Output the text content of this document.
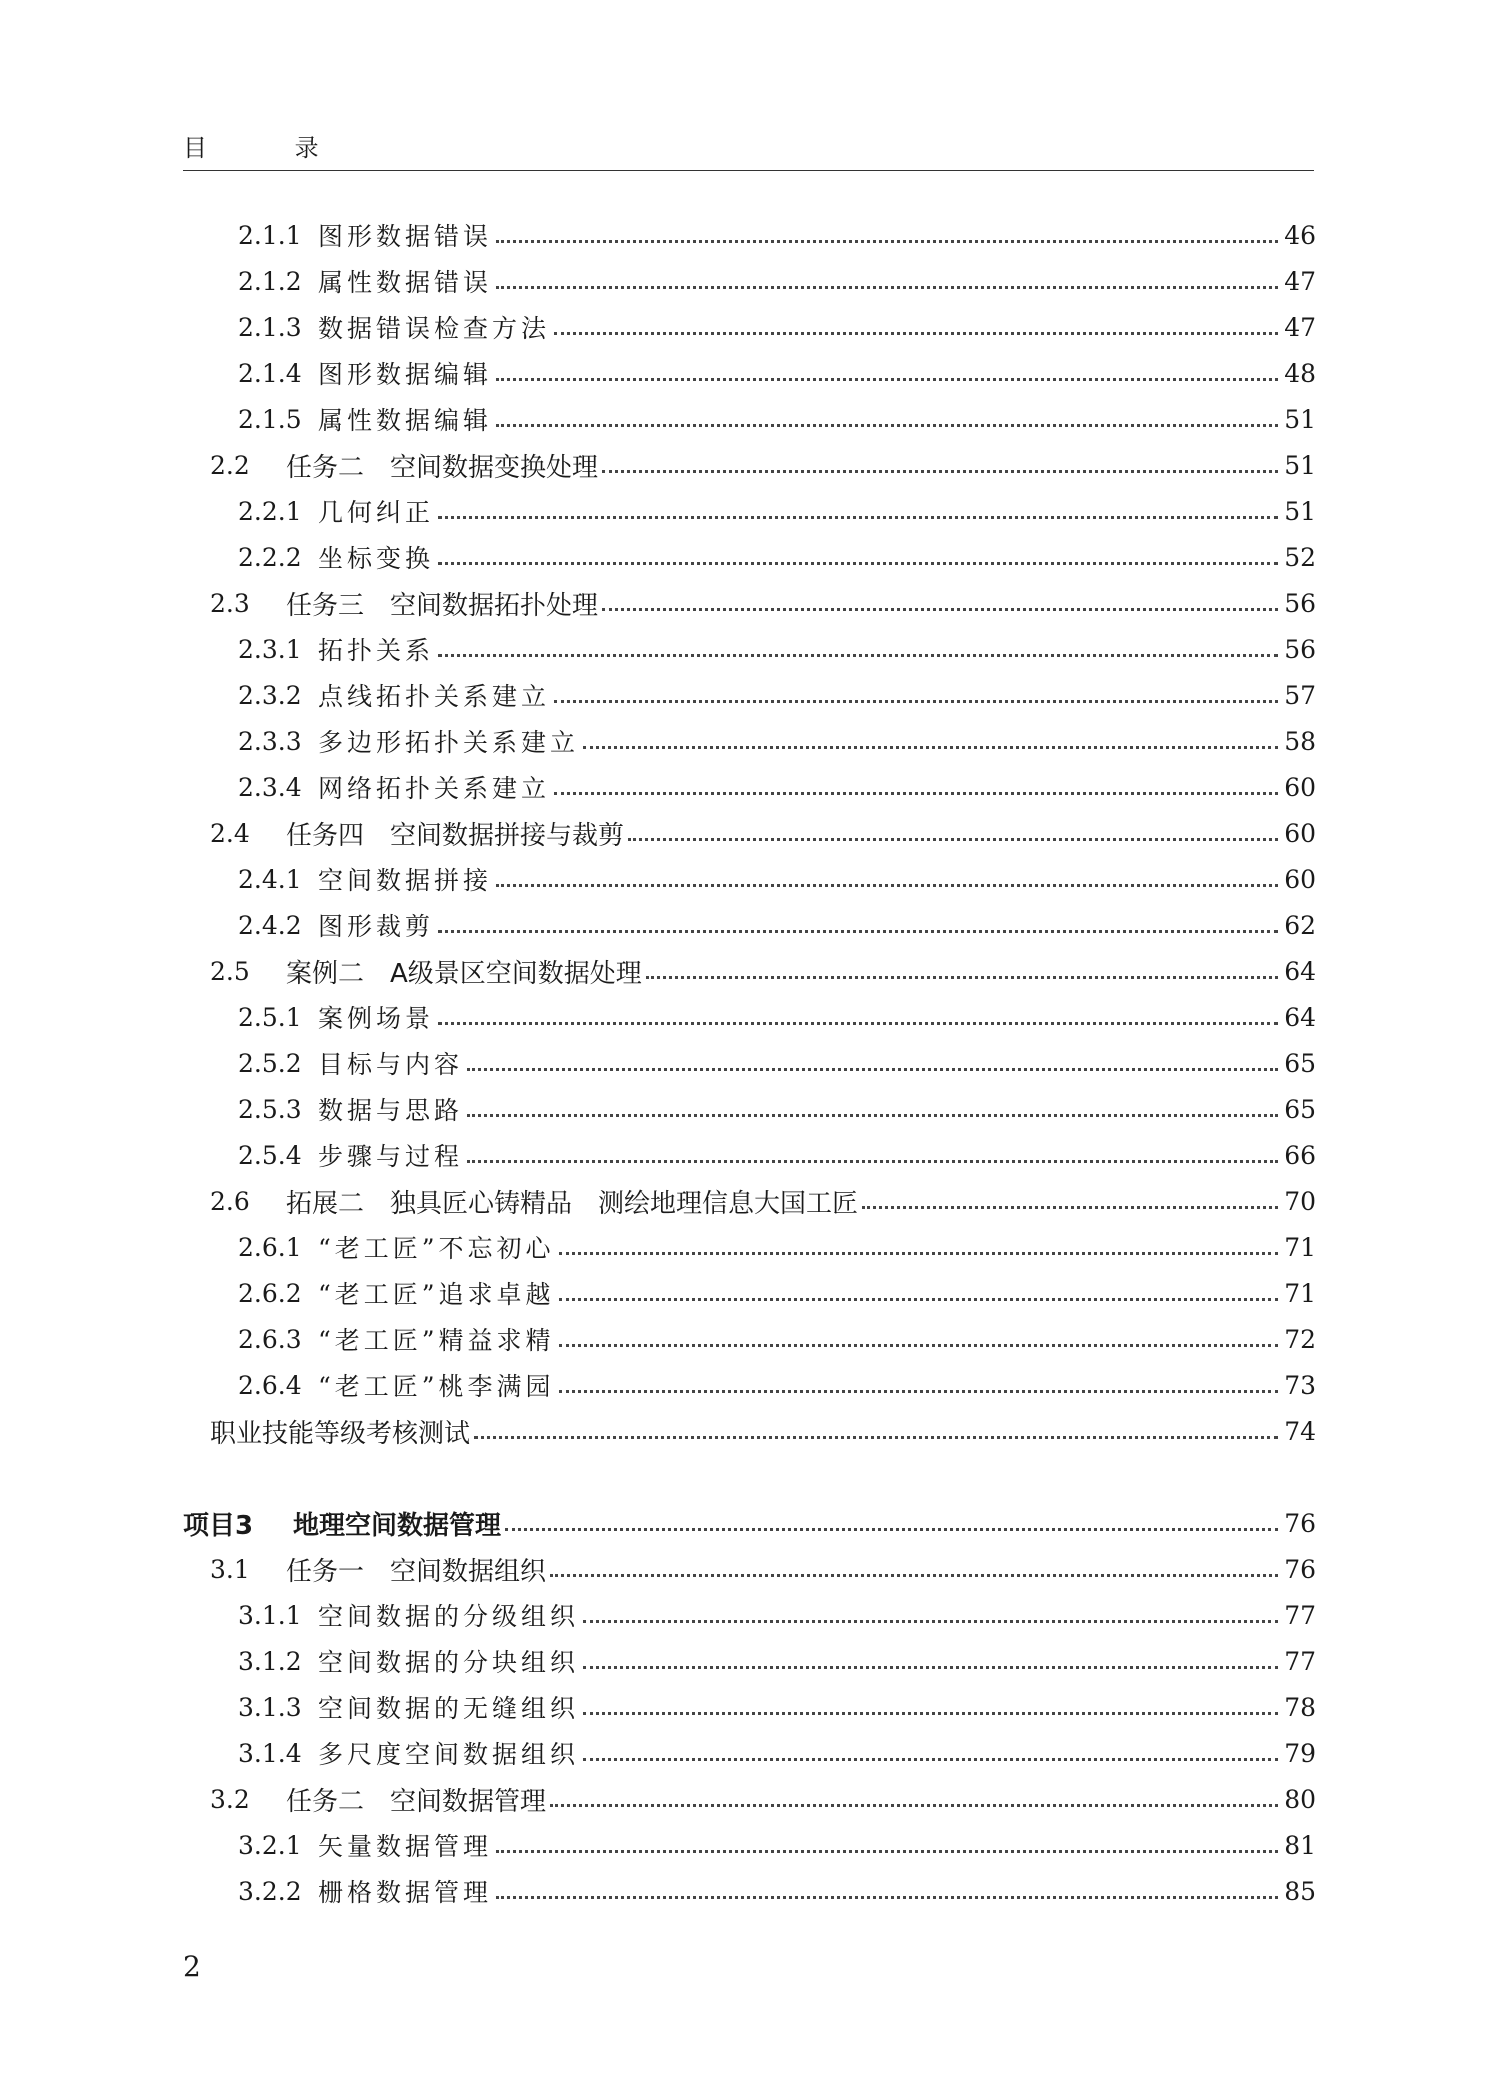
目 录
2.1.1 图形数据错误	46
2.1.2 属性数据错误	47
2.1.3 数据错误检查方法	47
2.1.4 图形数据编辑	48
2.1.5 属性数据编辑	51
2.2	任务二　空间数据变换处理	51
2.2.1 几何纠正	51
2.2.2 坐标变换	52
2.3	任务三　空间数据拓扑处理	56
2.3.1 拓扑关系	56
2.3.2 点线拓扑关系建立	57
2.3.3 多边形拓扑关系建立	58
2.3.4 网络拓扑关系建立	60
2.4	任务四　空间数据拼接与裁剪	60
2.4.1 空间数据拼接	60
2.4.2 图形裁剪	62
2.5	案例二　A级景区空间数据处理	64
2.5.1 案例场景	64
2.5.2 目标与内容	65
2.5.3 数据与思路	65
2.5.4 步骤与过程	66
2.6	拓展二　独具匠心铸精品　测绘地理信息大国工匠	70
2.6.1 “老工匠”不忘初心	71
2.6.2 “老工匠”追求卓越	71
2.6.3 “老工匠”精益求精	72
2.6.4 “老工匠”桃李满园	73
职业技能等级考核测试	74
项目3	地理空间数据管理	76
3.1	任务一　空间数据组织	76
3.1.1 空间数据的分级组织	77
3.1.2 空间数据的分块组织	77
3.1.3 空间数据的无缝组织	78
3.1.4 多尺度空间数据组织	79
3.2	任务二　空间数据管理	80
3.2.1 矢量数据管理	81
3.2.2 栅格数据管理	85
2
